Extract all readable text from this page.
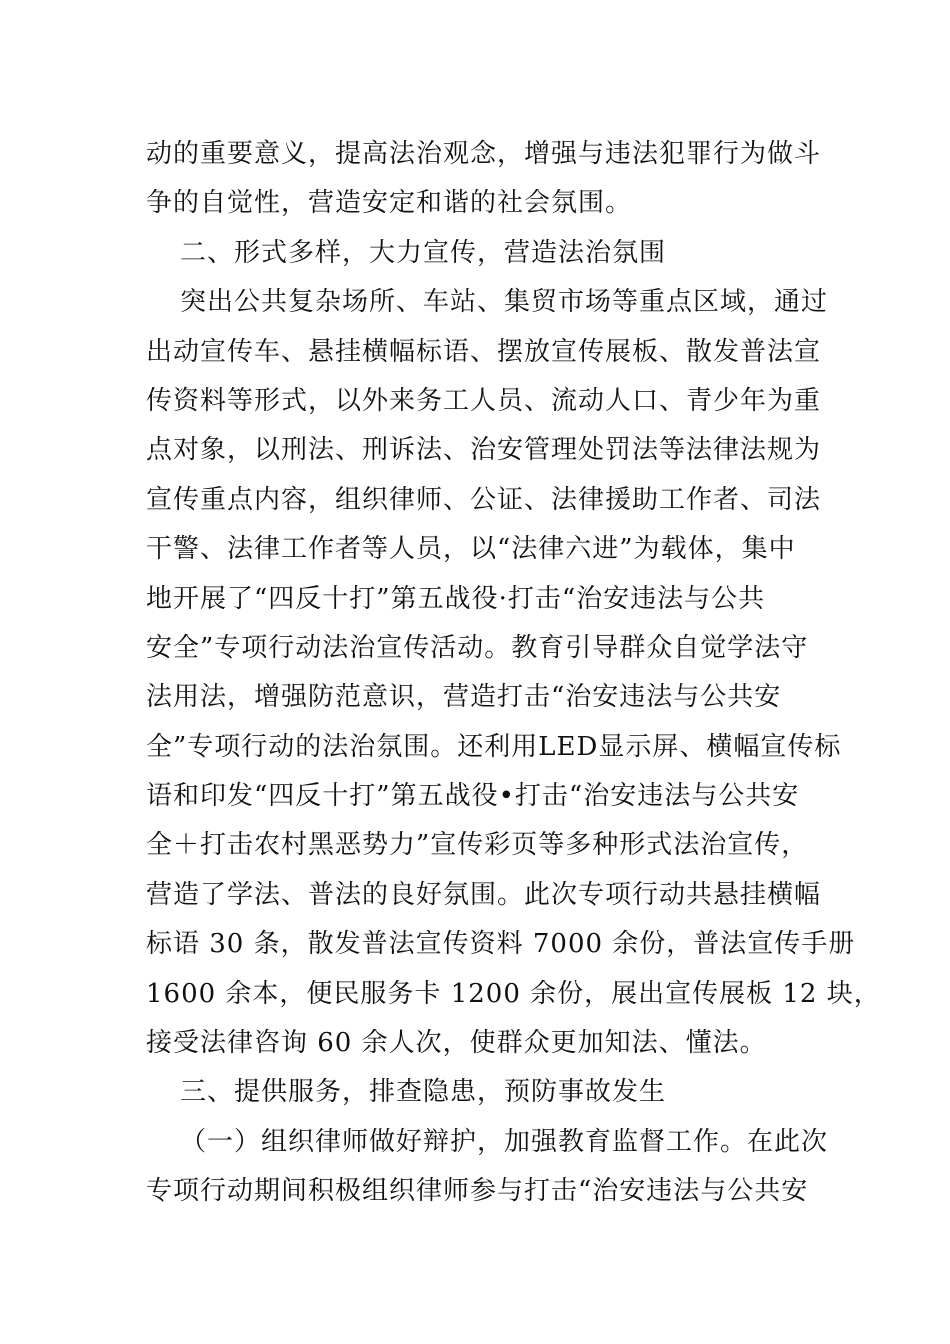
动的重要意义，提高法治观念，增强与违法犯罪行为做斗
争的自觉性，营造安定和谐的社会氛围。
二、形式多样，大力宣传，营造法治氛围
突出公共复杂场所、车站、集贸市场等重点区域，通过
出动宣传车、悬挂横幅标语、摆放宣传展板、散发普法宣
传资料等形式，以外来务工人员、流动人口、青少年为重
点对象，以刑法、刑诉法、治安管理处罚法等法律法规为
宣传重点内容，组织律师、公证、法律援助工作者、司法
干警、法律工作者等人员，以“法律六进”为载体，集中
地开展了“四反十打”第五战役·打击“治安违法与公共
安全”专项行动法治宣传活动。教育引导群众自觉学法守
法用法，增强防范意识，营造打击“治安违法与公共安
全”专项行动的法治氛围。还利用LED显示屏、横幅宣传标
语和印发“四反十打”第五战役•打击“治安违法与公共安
全＋打击农村黑恶势力”宣传彩页等多种形式法治宣传，
营造了学法、普法的良好氛围。此次专项行动共悬挂横幅
标语 30 条，散发普法宣传资料 7000 余份，普法宣传手册
1600 余本，便民服务卡 1200 余份，展出宣传展板 12 块，
接受法律咨询 60 余人次，使群众更加知法、懂法。
三、提供服务，排查隐患，预防事故发生
（一）组织律师做好辩护，加强教育监督工作。在此次
专项行动期间积极组织律师参与打击“治安违法与公共安
